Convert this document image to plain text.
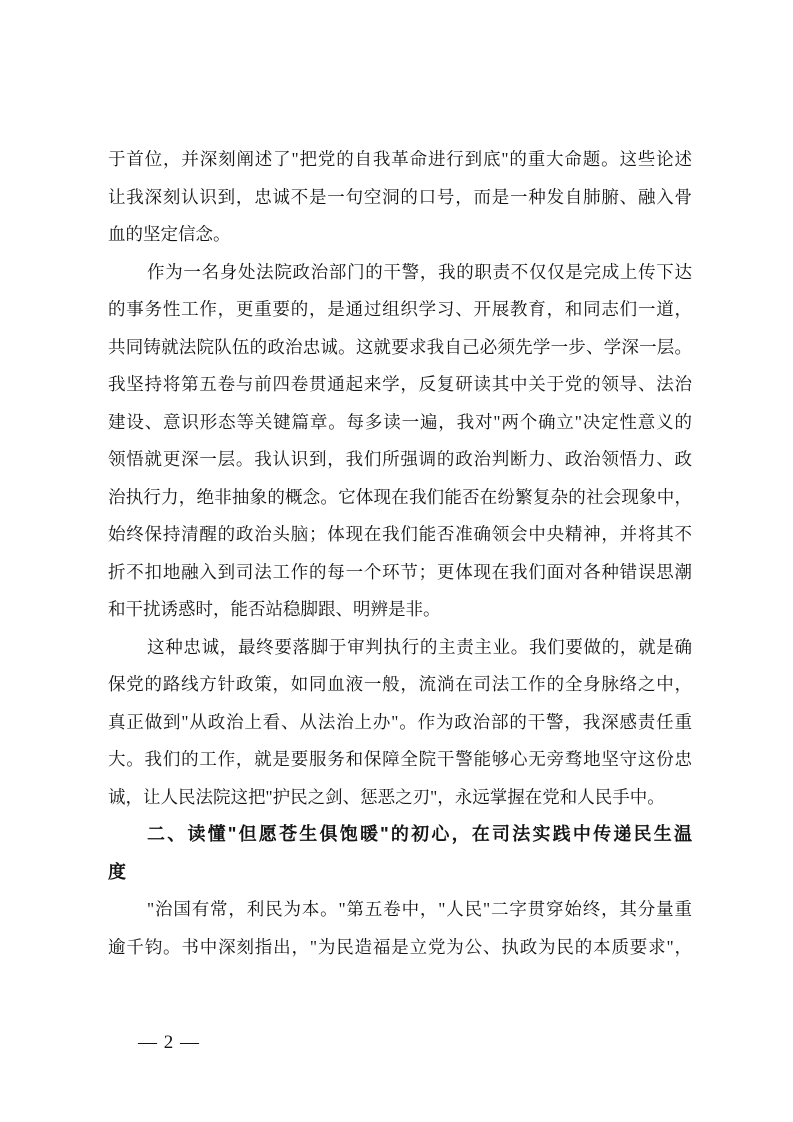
于首位，并深刻阐述了"把党的自我革命进行到底"的重大命题。这些论述
让我深刻认识到，忠诚不是一句空洞的口号，而是一种发自肺腑、融入骨
血的坚定信念。
作为一名身处法院政治部门的干警，我的职责不仅仅是完成上传下达
的事务性工作，更重要的，是通过组织学习、开展教育，和同志们一道，
共同铸就法院队伍的政治忠诚。这就要求我自己必须先学一步、学深一层。
我坚持将第五卷与前四卷贯通起来学，反复研读其中关于党的领导、法治
建设、意识形态等关键篇章。每多读一遍，我对"两个确立"决定性意义的
领悟就更深一层。我认识到，我们所强调的政治判断力、政治领悟力、政
治执行力，绝非抽象的概念。它体现在我们能否在纷繁复杂的社会现象中，
始终保持清醒的政治头脑；体现在我们能否准确领会中央精神，并将其不
折不扣地融入到司法工作的每一个环节；更体现在我们面对各种错误思潮
和干扰诱惑时，能否站稳脚跟、明辨是非。
这种忠诚，最终要落脚于审判执行的主责主业。我们要做的，就是确
保党的路线方针政策，如同血液一般，流淌在司法工作的全身脉络之中，
真正做到"从政治上看、从法治上办"。作为政治部的干警，我深感责任重
大。我们的工作，就是要服务和保障全院干警能够心无旁骛地坚守这份忠
诚，让人民法院这把"护民之剑、惩恶之刃"，永远掌握在党和人民手中。
二、读懂"但愿苍生俱饱暖"的初心，在司法实践中传递民生温
度
"治国有常，利民为本。"第五卷中，"人民"二字贯穿始终，其分量重
逾千钧。书中深刻指出，"为民造福是立党为公、执政为民的本质要求"，
— 2 —
